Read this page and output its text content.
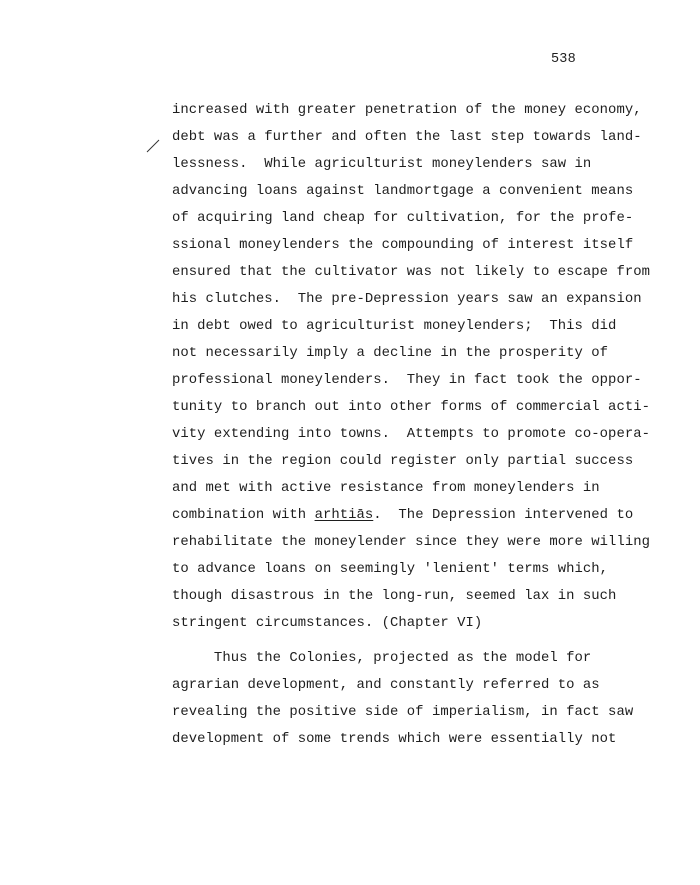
538
increased with greater penetration of the money economy,
debt was a further and often the last step towards land-
lessness.  While agriculturist moneylenders saw in
advancing loans against landmortgage a convenient means
of acquiring land cheap for cultivation, for the profe-
ssional moneylenders the compounding of interest itself
ensured that the cultivator was not likely to escape from
his clutches.  The pre-Depression years saw an expansion
in debt owed to agriculturist moneylenders;  This did
not necessarily imply a decline in the prosperity of
professional moneylenders.  They in fact took the oppor-
tunity to branch out into other forms of commercial acti-
vity extending into towns.  Attempts to promote co-opera-
tives in the region could register only partial success
and met with active resistance from moneylenders in
combination with arhtiās.  The Depression intervened to
rehabilitate the moneylender since they were more willing
to advance loans on seemingly 'lenient' terms which,
though disastrous in the long-run, seemed lax in such
stringent circumstances. (Chapter VI)
Thus the Colonies, projected as the model for
agrarian development, and constantly referred to as
revealing the positive side of imperialism, in fact saw
development of some trends which were essentially not
